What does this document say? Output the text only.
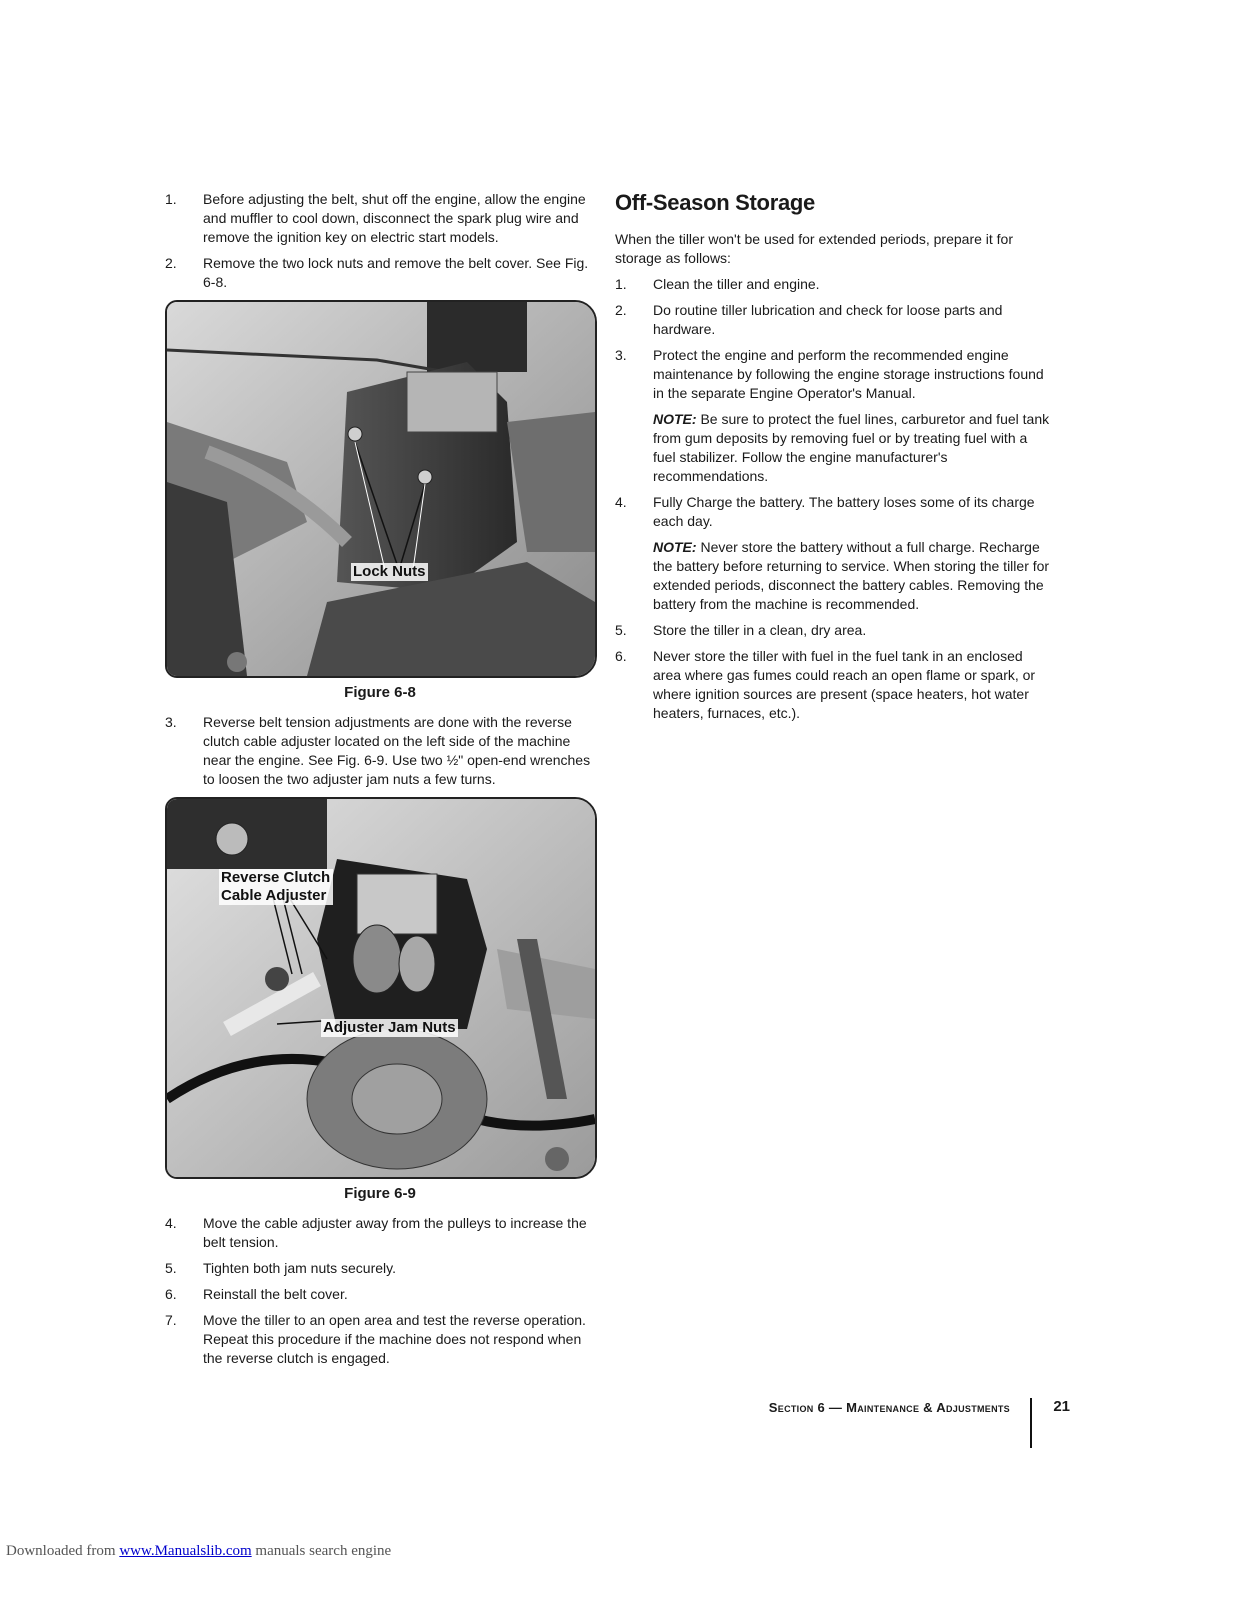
1.	Before adjusting the belt, shut off the engine, allow the engine and muffler to cool down, disconnect the spark plug wire and remove the ignition key on electric start models.
2.	Remove the two lock nuts and remove the belt cover. See Fig. 6-8.
Lock Nuts
Figure 6-8
3.	Reverse belt tension adjustments are done with the reverse clutch cable adjuster located on the left side of the machine near the engine. See Fig. 6-9. Use two ½" open-end wrenches to loosen the two adjuster jam nuts a few turns.
Reverse Clutch Cable Adjuster
Adjuster Jam Nuts
Figure 6-9
4.	Move the cable adjuster away from the pulleys to increase the belt tension.
5.	Tighten both jam nuts securely.
6.	Reinstall the belt cover.
7.	Move the tiller to an open area and test the reverse operation. Repeat this procedure if the machine does not respond when the reverse clutch is engaged.
Off-Season Storage

When the tiller won't be used for extended periods, prepare it for storage as follows:

1.	Clean the tiller and engine.
2.	Do routine tiller lubrication and check for loose parts and hardware.
3.	Protect the engine and perform the recommended engine maintenance by following the engine storage instructions found in the separate Engine Operator's Manual.
NOTE: Be sure to protect the fuel lines, carburetor and fuel tank from gum deposits by removing fuel or by treating fuel with a fuel stabilizer. Follow the engine manufacturer's recommendations.
4.	Fully Charge the battery. The battery loses some of its charge each day.
NOTE: Never store the battery without a full charge. Recharge the battery before returning to service. When storing the tiller for extended periods, disconnect the battery cables. Removing the battery from the machine is recommended.
5.	Store the tiller in a clean, dry area.
6.	Never store the tiller with fuel in the fuel tank in an enclosed area where gas fumes could reach an open flame or spark, or where ignition sources are present (space heaters, hot water heaters, furnaces, etc.).
Section 6 — Maintenance & Adjustments	21
Downloaded from www.Manualslib.com manuals search engine
